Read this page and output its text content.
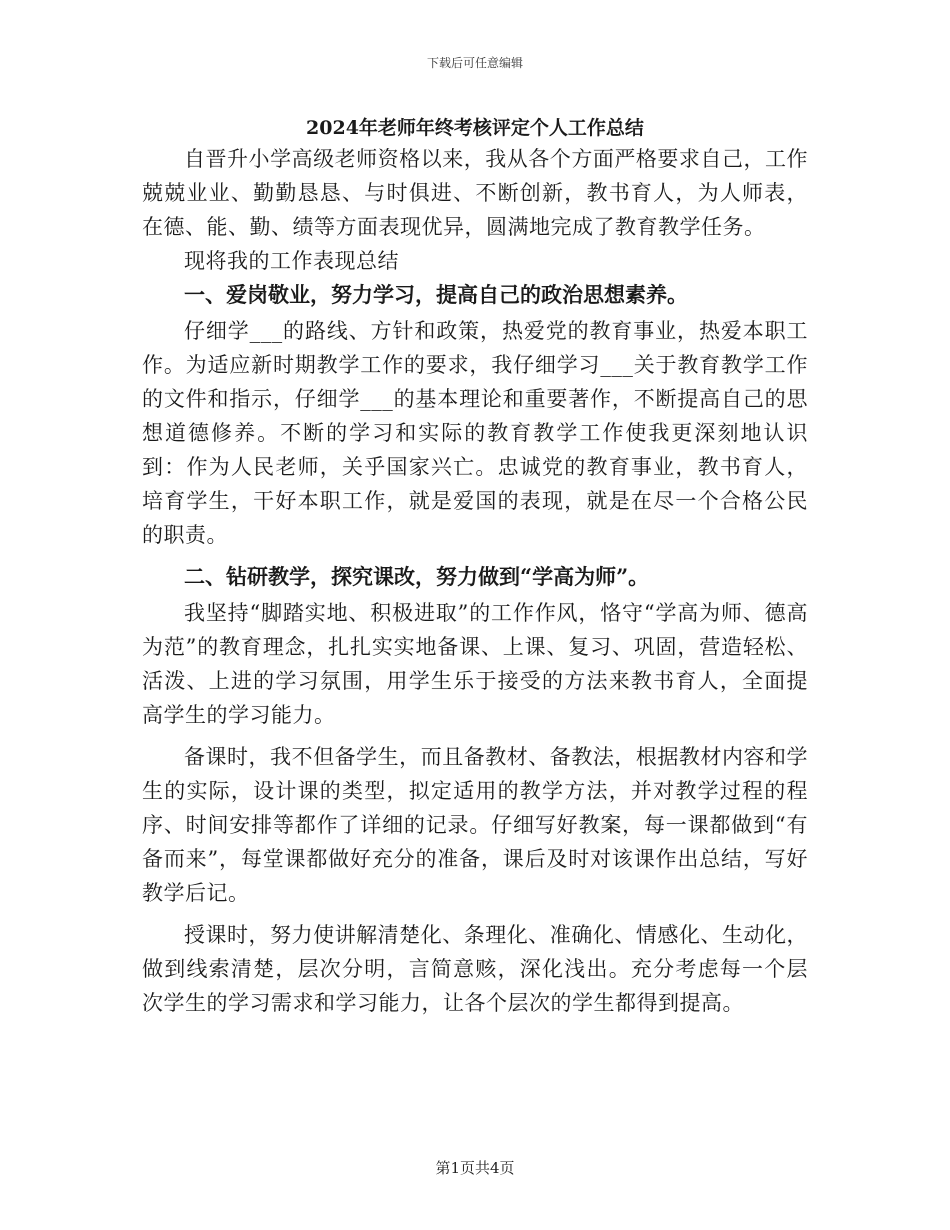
下载后可任意编辑

2024年老师年终考核评定个人工作总结

自晋升小学高级老师资格以来，我从各个方面严格要求自己，工作兢兢业业、勤勤恳恳、与时俱进、不断创新，教书育人，为人师表，在德、能、勤、绩等方面表现优异，圆满地完成了教育教学任务。

现将我的工作表现总结

一、爱岗敬业，努力学习，提高自己的政治思想素养。

仔细学___的路线、方针和政策，热爱党的教育事业，热爱本职工作。为适应新时期教学工作的要求，我仔细学习___关于教育教学工作的文件和指示，仔细学___的基本理论和重要著作，不断提高自己的思想道德修养。不断的学习和实际的教育教学工作使我更深刻地认识到：作为人民老师，关乎国家兴亡。忠诚党的教育事业，教书育人，培育学生，干好本职工作，就是爱国的表现，就是在尽一个合格公民的职责。

二、钻研教学，探究课改，努力做到“学高为师”。

我坚持“脚踏实地、积极进取”的工作作风，恪守“学高为师、德高为范”的教育理念，扎扎实实地备课、上课、复习、巩固，营造轻松、活泼、上进的学习氛围，用学生乐于接受的方法来教书育人，全面提高学生的学习能力。

备课时，我不但备学生，而且备教材、备教法，根据教材内容和学生的实际，设计课的类型，拟定适用的教学方法，并对教学过程的程序、时间安排等都作了详细的记录。仔细写好教案，每一课都做到“有备而来”，每堂课都做好充分的准备，课后及时对该课作出总结，写好教学后记。

授课时，努力使讲解清楚化、条理化、准确化、情感化、生动化，做到线索清楚，层次分明，言简意赅，深化浅出。充分考虑每一个层次学生的学习需求和学习能力，让各个层次的学生都得到提高。

第1页共4页
